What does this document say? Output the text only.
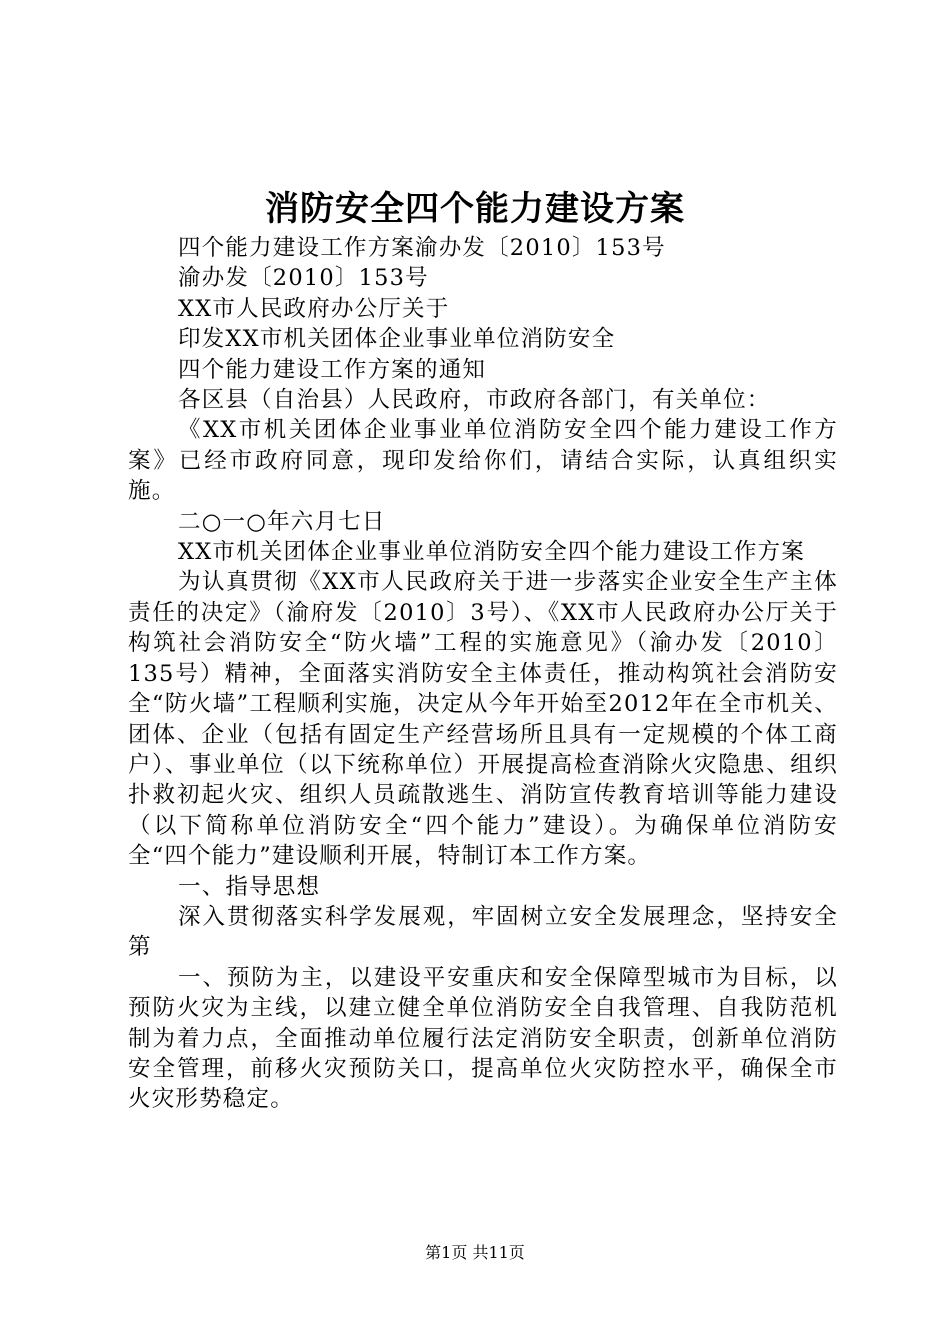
消防安全四个能力建设方案

四个能力建设工作方案渝办发〔2010〕153号

渝办发〔2010〕153号

XX市人民政府办公厅关于

印发XX市机关团体企业事业单位消防安全

四个能力建设工作方案的通知

各区县（自治县）人民政府，市政府各部门，有关单位：

《XX市机关团体企业事业单位消防安全四个能力建设工作方案》已经市政府同意，现印发给你们，请结合实际，认真组织实施。

二○一○年六月七日

XX市机关团体企业事业单位消防安全四个能力建设工作方案

为认真贯彻《XX市人民政府关于进一步落实企业安全生产主体责任的决定》（渝府发〔2010〕3号）、《XX市人民政府办公厅关于构筑社会消防安全“防火墙”工程的实施意见》（渝办发〔2010〕135号）精神，全面落实消防安全主体责任，推动构筑社会消防安全“防火墙”工程顺利实施，决定从今年开始至2012年在全市机关、团体、企业（包括有固定生产经营场所且具有一定规模的个体工商户）、事业单位（以下统称单位）开展提高检查消除火灾隐患、组织扑救初起火灾、组织人员疏散逃生、消防宣传教育培训等能力建设（以下简称单位消防安全“四个能力”建设）。为确保单位消防安全“四个能力”建设顺利开展，特制订本工作方案。

一、指导思想

深入贯彻落实科学发展观，牢固树立安全发展理念，坚持安全第

一、预防为主，以建设平安重庆和安全保障型城市为目标，以预防火灾为主线，以建立健全单位消防安全自我管理、自我防范机制为着力点，全面推动单位履行法定消防安全职责，创新单位消防安全管理，前移火灾预防关口，提高单位火灾防控水平，确保全市火灾形势稳定。

第1页 共11页
